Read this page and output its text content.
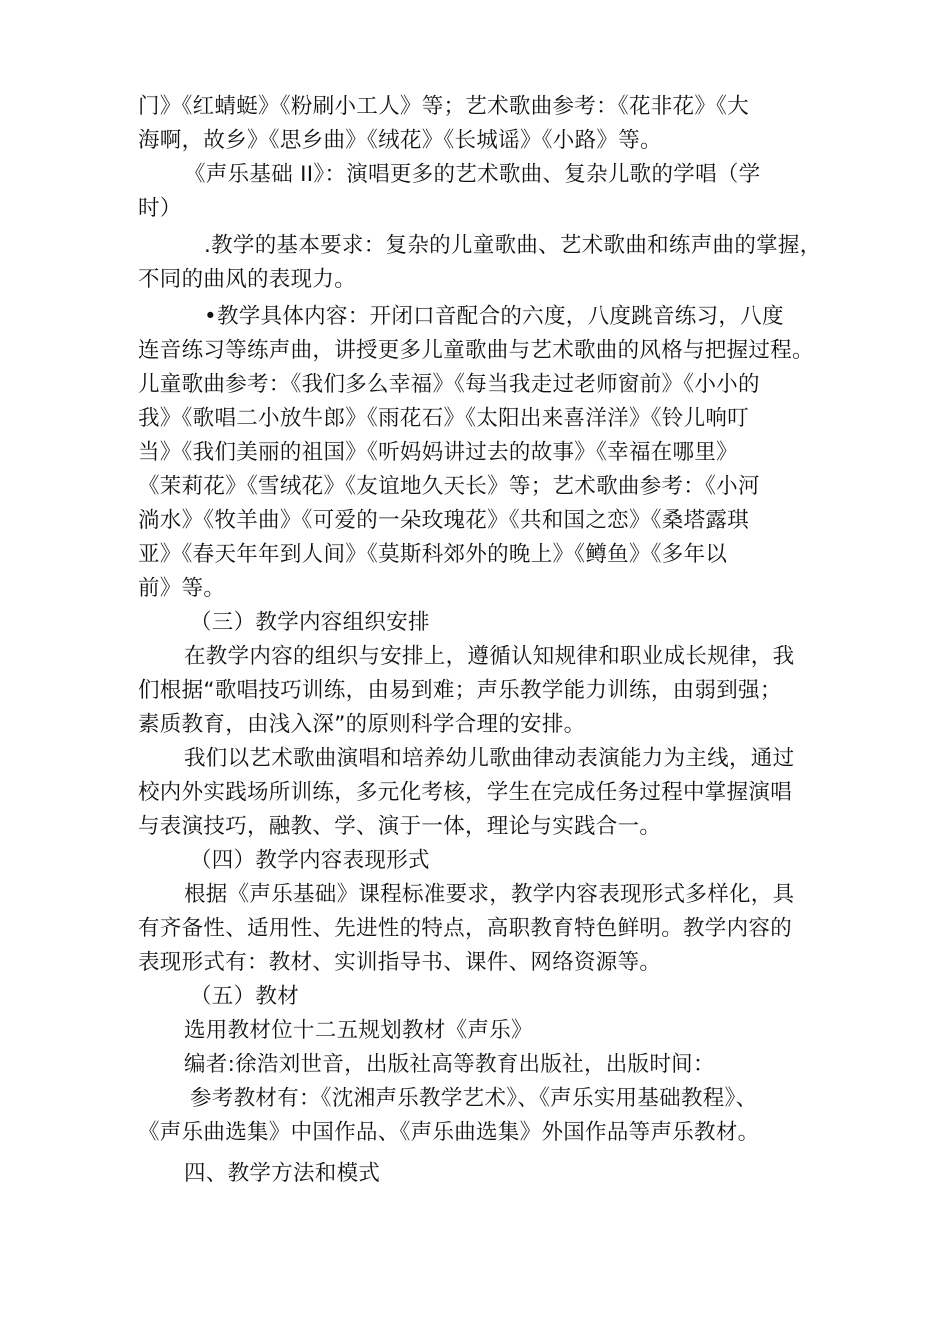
门》《红蜻蜓》《粉刷小工人》等；艺术歌曲参考：《花非花》《大
海啊，故乡》《思乡曲》《绒花》《长城谣》《小路》等。
《声乐基础 II》：演唱更多的艺术歌曲、复杂儿歌的学唱（学
时）
.教学的基本要求：复杂的儿童歌曲、艺术歌曲和练声曲的掌握，
不同的曲风的表现力。
•教学具体内容：开闭口音配合的六度，八度跳音练习，八度
连音练习等练声曲，讲授更多儿童歌曲与艺术歌曲的风格与把握过程。
儿童歌曲参考：《我们多么幸福》《每当我走过老师窗前》《小小的
我》《歌唱二小放牛郎》《雨花石》《太阳出来喜洋洋》《铃儿响叮
当》《我们美丽的祖国》《听妈妈讲过去的故事》《幸福在哪里》
《茉莉花》《雪绒花》《友谊地久天长》等；艺术歌曲参考：《小河
淌水》《牧羊曲》《可爱的一朵玫瑰花》《共和国之恋》《桑塔露琪
亚》《春天年年到人间》《莫斯科郊外的晚上》《鳟鱼》《多年以
前》等。
（三）教学内容组织安排
在教学内容的组织与安排上，遵循认知规律和职业成长规律，我
们根据“歌唱技巧训练，由易到难；声乐教学能力训练，由弱到强；
素质教育，由浅入深”的原则科学合理的安排。
我们以艺术歌曲演唱和培养幼儿歌曲律动表演能力为主线，通过
校内外实践场所训练，多元化考核，学生在完成任务过程中掌握演唱
与表演技巧，融教、学、演于一体，理论与实践合一。
（四）教学内容表现形式
根据《声乐基础》课程标准要求，教学内容表现形式多样化，具
有齐备性、适用性、先进性的特点，高职教育特色鲜明。教学内容的
表现形式有：教材、实训指导书、课件、网络资源等。
（五）教材
选用教材位十二五规划教材《声乐》
编者:徐浩刘世音，出版社高等教育出版社，出版时间：
参考教材有：《沈湘声乐教学艺术》、《声乐实用基础教程》、
《声乐曲选集》中国作品、《声乐曲选集》外国作品等声乐教材。
四、教学方法和模式
